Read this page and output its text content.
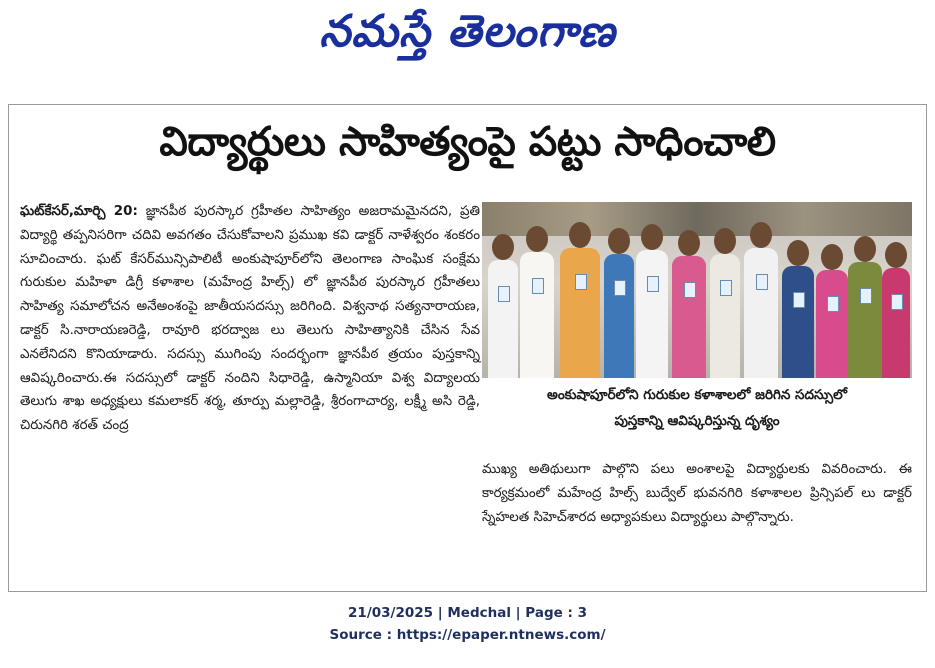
నమస్తే తెలంగాణ
విద్యార్థులు సాహిత్యంపై పట్టు సాధించాలి

ఘట్‌కేసర్,మార్చి 20: జ్ఞానపీఠ పురస్కార గ్రహీతల సాహిత్యం అజరామమైనదని, ప్రతి విద్యార్థి తప్పనిసరిగా చదివి అవగతం చేసుకోవాలని ప్రముఖ కవి డాక్టర్ నాళేశ్వరం శంకరం సూచించారు. ఘట్ కేసర్‌మున్సిపాలిటీ అంకుషాపూర్‌లోని తెలంగాణ సాంఘిక సంక్షేమ గురుకుల మహిళా డిగ్రీ కళాశాల (మహేంద్ర హిల్స్) లో జ్ఞానపీఠ పురస్కార గ్రహీతలు సాహిత్య సమాలోచన అనేఅంశంపై జాతీయసదస్సు జరిగింది. విశ్వనాథ సత్యనారాయణ, డాక్టర్ సి.నారాయణరెడ్డి, రావూరి భరద్వాజ లు తెలుగు సాహిత్యానికి చేసిన సేవ ఎనలేనిదని కొనియాడారు. సదస్సు ముగింపు సందర్భంగా జ్ఞానపీఠ త్రయం పుస్తకాన్ని ఆవిష్కరించారు.ఈ సదస్సులో డాక్టర్ నందిని సిధారెడ్డి, ఉస్మానియా విశ్వ విద్యాలయ తెలుగు శాఖ అధ్యక్షులు కమలాకర్ శర్మ, తూర్పు మల్లారెడ్డి, శ్రీరంగాచార్య, లక్ష్మీ అసి రెడ్డి, చిరునగిరి శరత్ చంద్ర

అంకుషాపూర్‌లోని గురుకుల కళాశాలలో జరిగిన సదస్సులో

పుస్తకాన్ని ఆవిష్కరిస్తున్న దృశ్యం

ముఖ్య అతిథులుగా పాల్గొని పలు అంశాలపై విద్యార్థులకు వివరించారు. ఈ కార్యక్రమంలో మహేంద్ర హిల్స్ బుద్వేల్ భువనగిరి కళాశాలల ప్రిన్సిపల్ లు డాక్టర్ స్నేహలత సిహెచ్‌శారద అధ్యాపకులు విద్యార్థులు పాల్గొన్నారు.

21/03/2025 | Medchal | Page : 3
Source : https://epaper.ntnews.com/
